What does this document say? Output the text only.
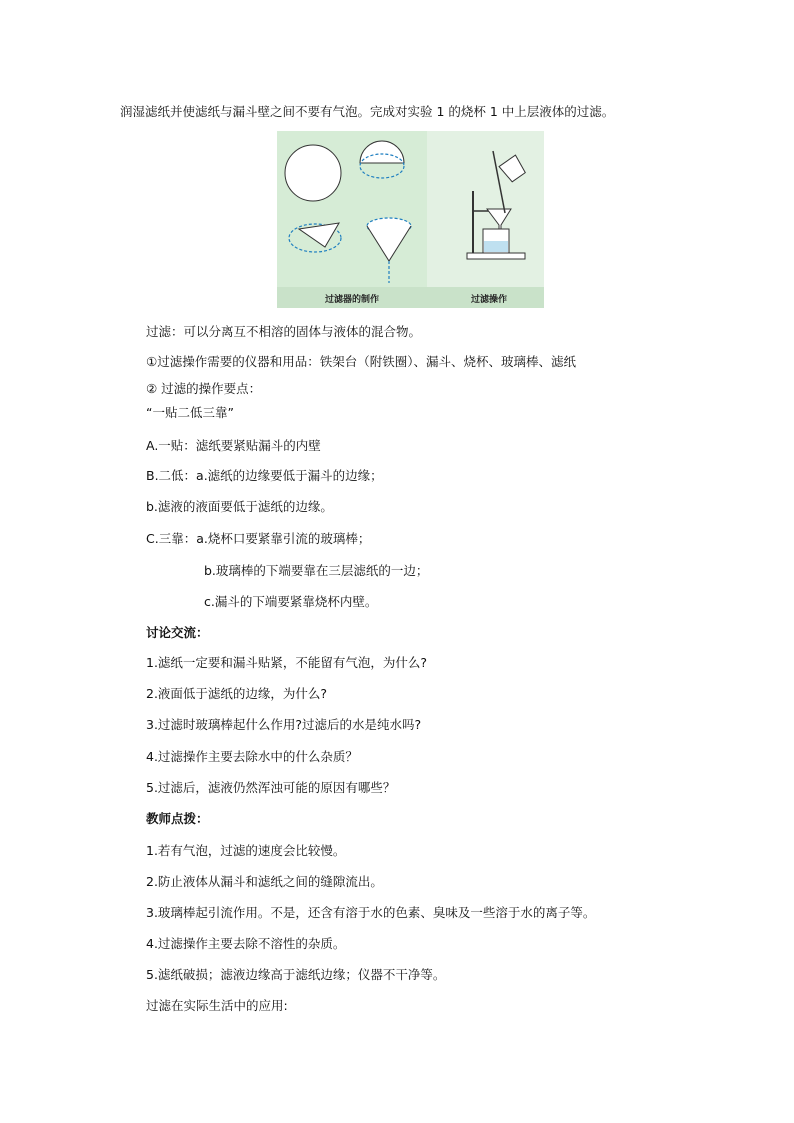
润湿滤纸并使滤纸与漏斗壁之间不要有气泡。完成对实验 1 的烧杯 1 中上层液体的过滤。
过滤器的制作	过滤操作
过滤：可以分离互不相溶的固体与液体的混合物。
①过滤操作需要的仪器和用品：铁架台（附铁圈）、漏斗、烧杯、玻璃棒、滤纸
② 过滤的操作要点：
“一贴二低三靠”
A.一贴：滤纸要紧贴漏斗的内壁
B.二低：a.滤纸的边缘要低于漏斗的边缘；
b.滤液的液面要低于滤纸的边缘。
C.三靠：a.烧杯口要紧靠引流的玻璃棒；
b.玻璃棒的下端要靠在三层滤纸的一边；
c.漏斗的下端要紧靠烧杯内壁。
讨论交流：
1.滤纸一定要和漏斗贴紧，不能留有气泡，为什么?
2.液面低于滤纸的边缘，为什么?
3.过滤时玻璃棒起什么作用?过滤后的水是纯水吗?
4.过滤操作主要去除水中的什么杂质？
5.过滤后，滤液仍然浑浊可能的原因有哪些？
教师点拨：
1.若有气泡，过滤的速度会比较慢。
2.防止液体从漏斗和滤纸之间的缝隙流出。
3.玻璃棒起引流作用。不是，还含有溶于水的色素、臭味及一些溶于水的离子等。
4.过滤操作主要去除不溶性的杂质。
5.滤纸破损；滤液边缘高于滤纸边缘；仪器不干净等。
过滤在实际生活中的应用:
